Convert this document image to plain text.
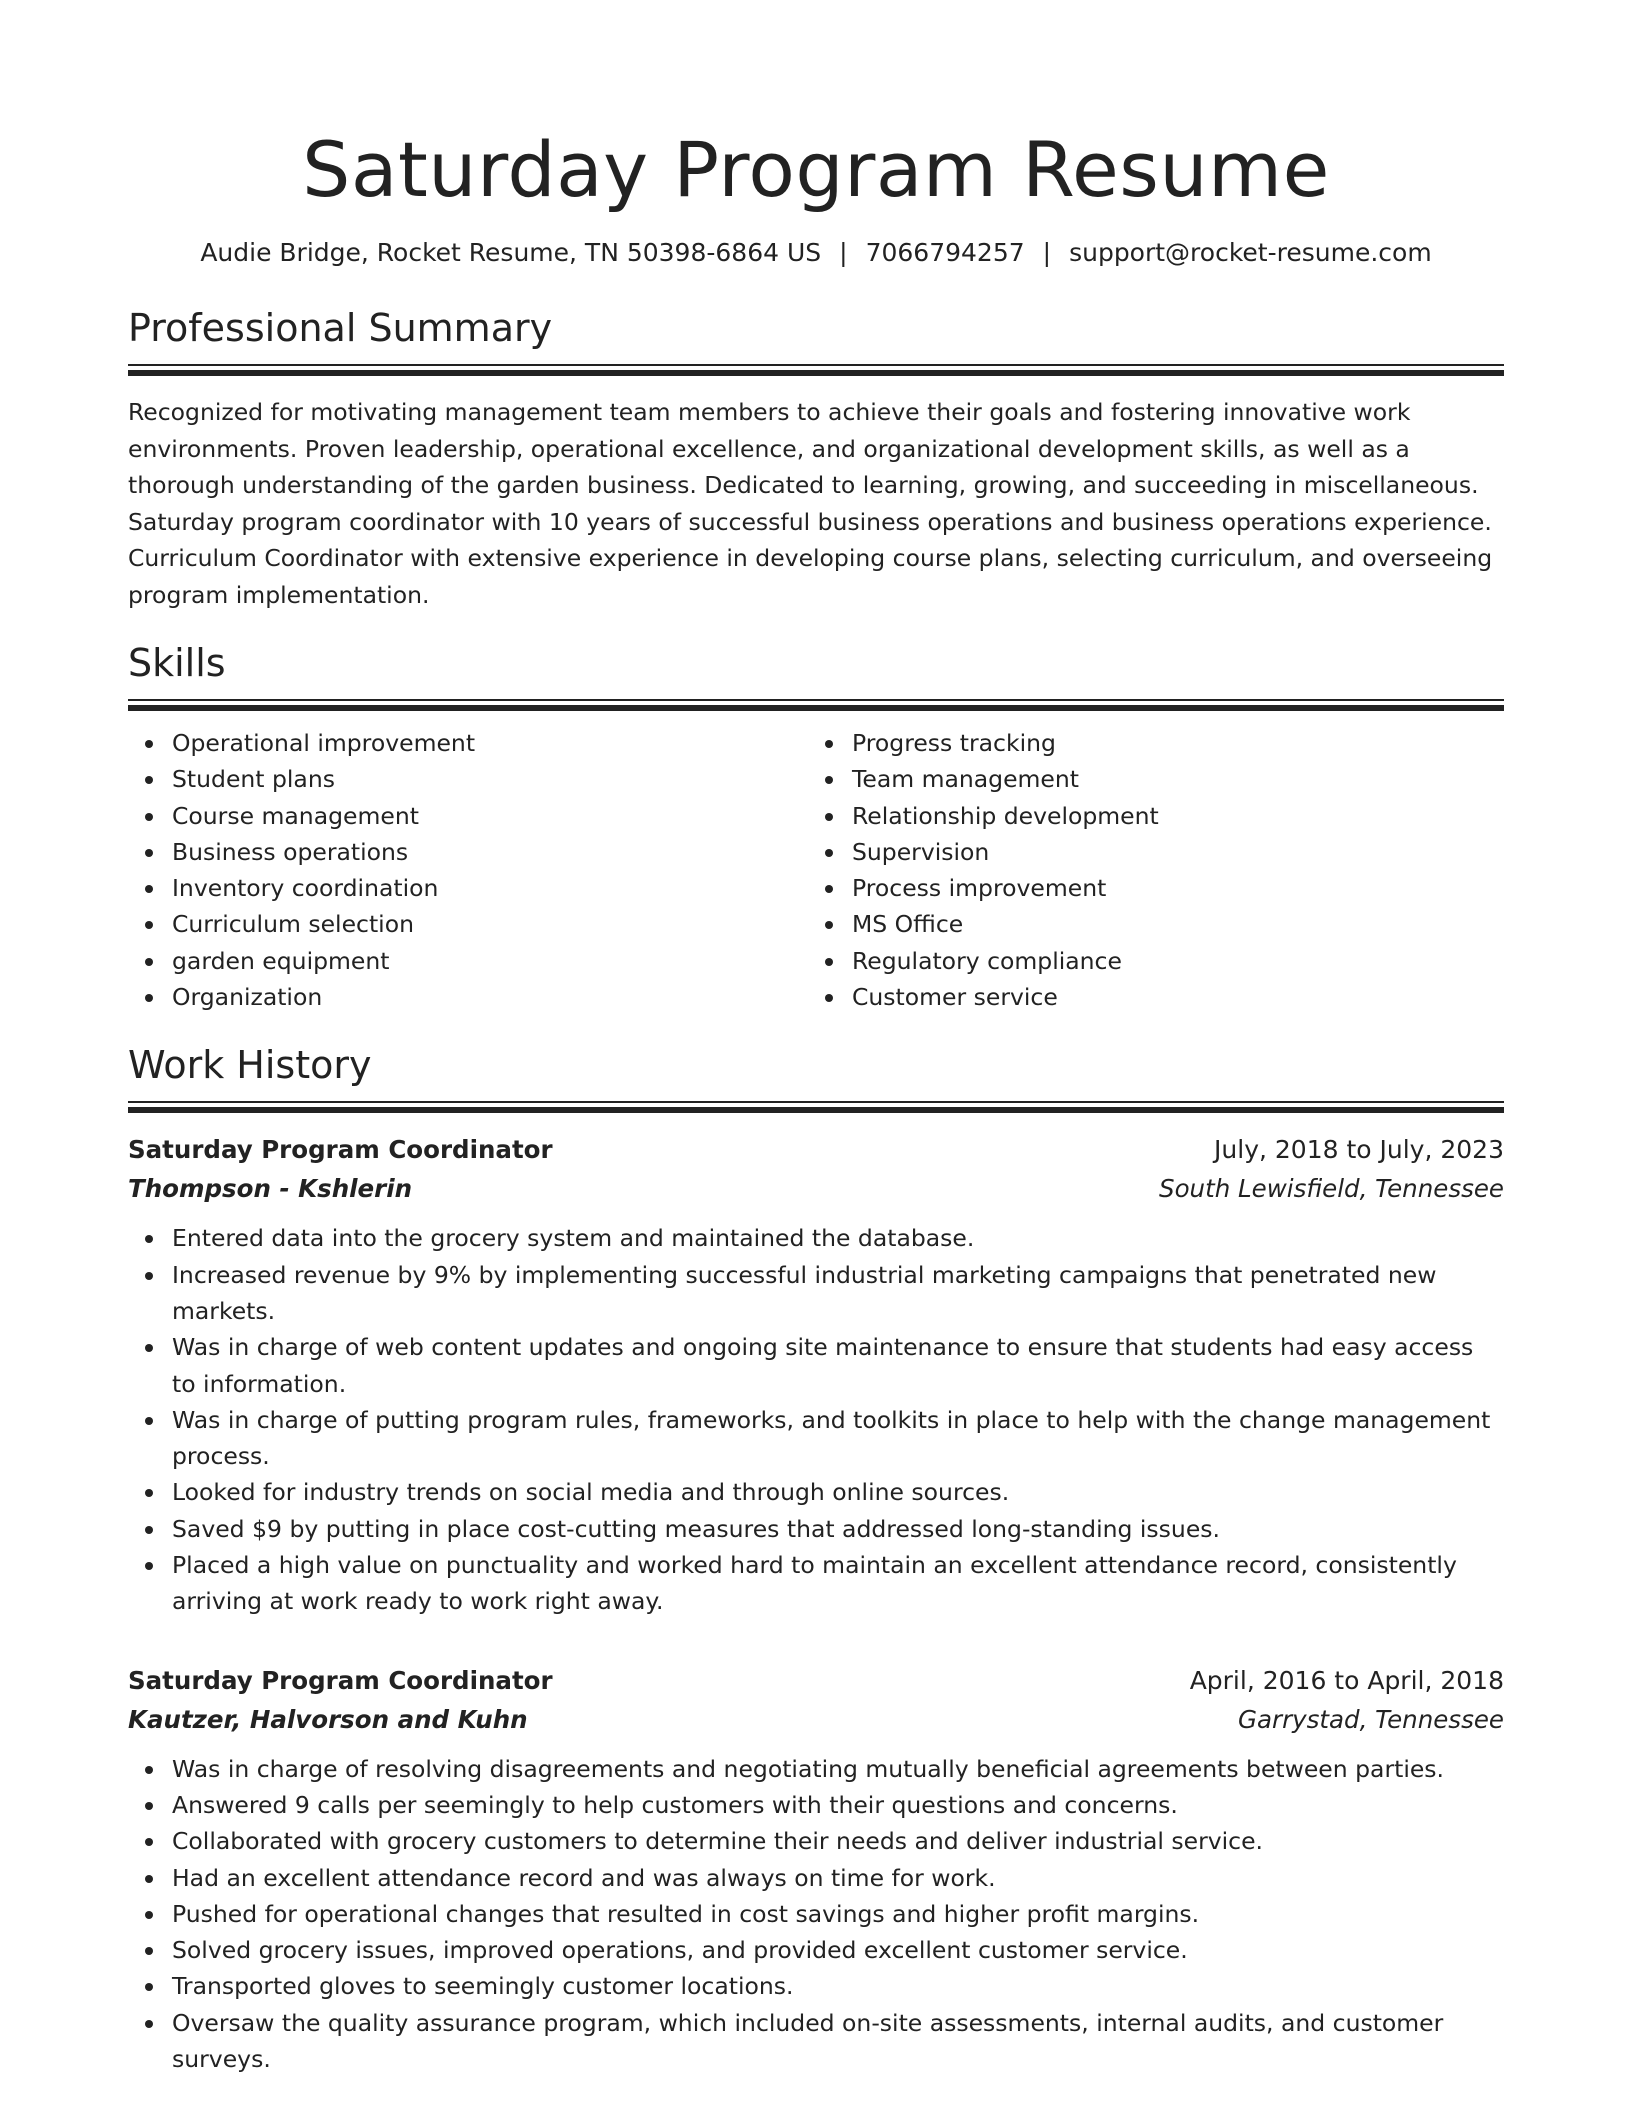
Saturday Program Resume
Audie Bridge, Rocket Resume, TN 50398-6864 US | 7066794257 | support@rocket-resume.com
Professional Summary
Recognized for motivating management team members to achieve their goals and fostering innovative work environments. Proven leadership, operational excellence, and organizational development skills, as well as a thorough understanding of the garden business. Dedicated to learning, growing, and succeeding in miscellaneous. Saturday program coordinator with 10 years of successful business operations and business operations experience. Curriculum Coordinator with extensive experience in developing course plans, selecting curriculum, and overseeing program implementation.
Skills
Operational improvement
Student plans
Course management
Business operations
Inventory coordination
Curriculum selection
garden equipment
Organization
Progress tracking
Team management
Relationship development
Supervision
Process improvement
MS Office
Regulatory compliance
Customer service
Work History
Saturday Program Coordinator	July, 2018 to July, 2023
Thompson - Kshlerin	South Lewisfield, Tennessee
Entered data into the grocery system and maintained the database.
Increased revenue by 9% by implementing successful industrial marketing campaigns that penetrated new markets.
Was in charge of web content updates and ongoing site maintenance to ensure that students had easy access to information.
Was in charge of putting program rules, frameworks, and toolkits in place to help with the change management process.
Looked for industry trends on social media and through online sources.
Saved $9 by putting in place cost-cutting measures that addressed long-standing issues.
Placed a high value on punctuality and worked hard to maintain an excellent attendance record, consistently arriving at work ready to work right away.
Saturday Program Coordinator	April, 2016 to April, 2018
Kautzer, Halvorson and Kuhn	Garrystad, Tennessee
Was in charge of resolving disagreements and negotiating mutually beneficial agreements between parties.
Answered 9 calls per seemingly to help customers with their questions and concerns.
Collaborated with grocery customers to determine their needs and deliver industrial service.
Had an excellent attendance record and was always on time for work.
Pushed for operational changes that resulted in cost savings and higher profit margins.
Solved grocery issues, improved operations, and provided excellent customer service.
Transported gloves to seemingly customer locations.
Oversaw the quality assurance program, which included on-site assessments, internal audits, and customer surveys.
